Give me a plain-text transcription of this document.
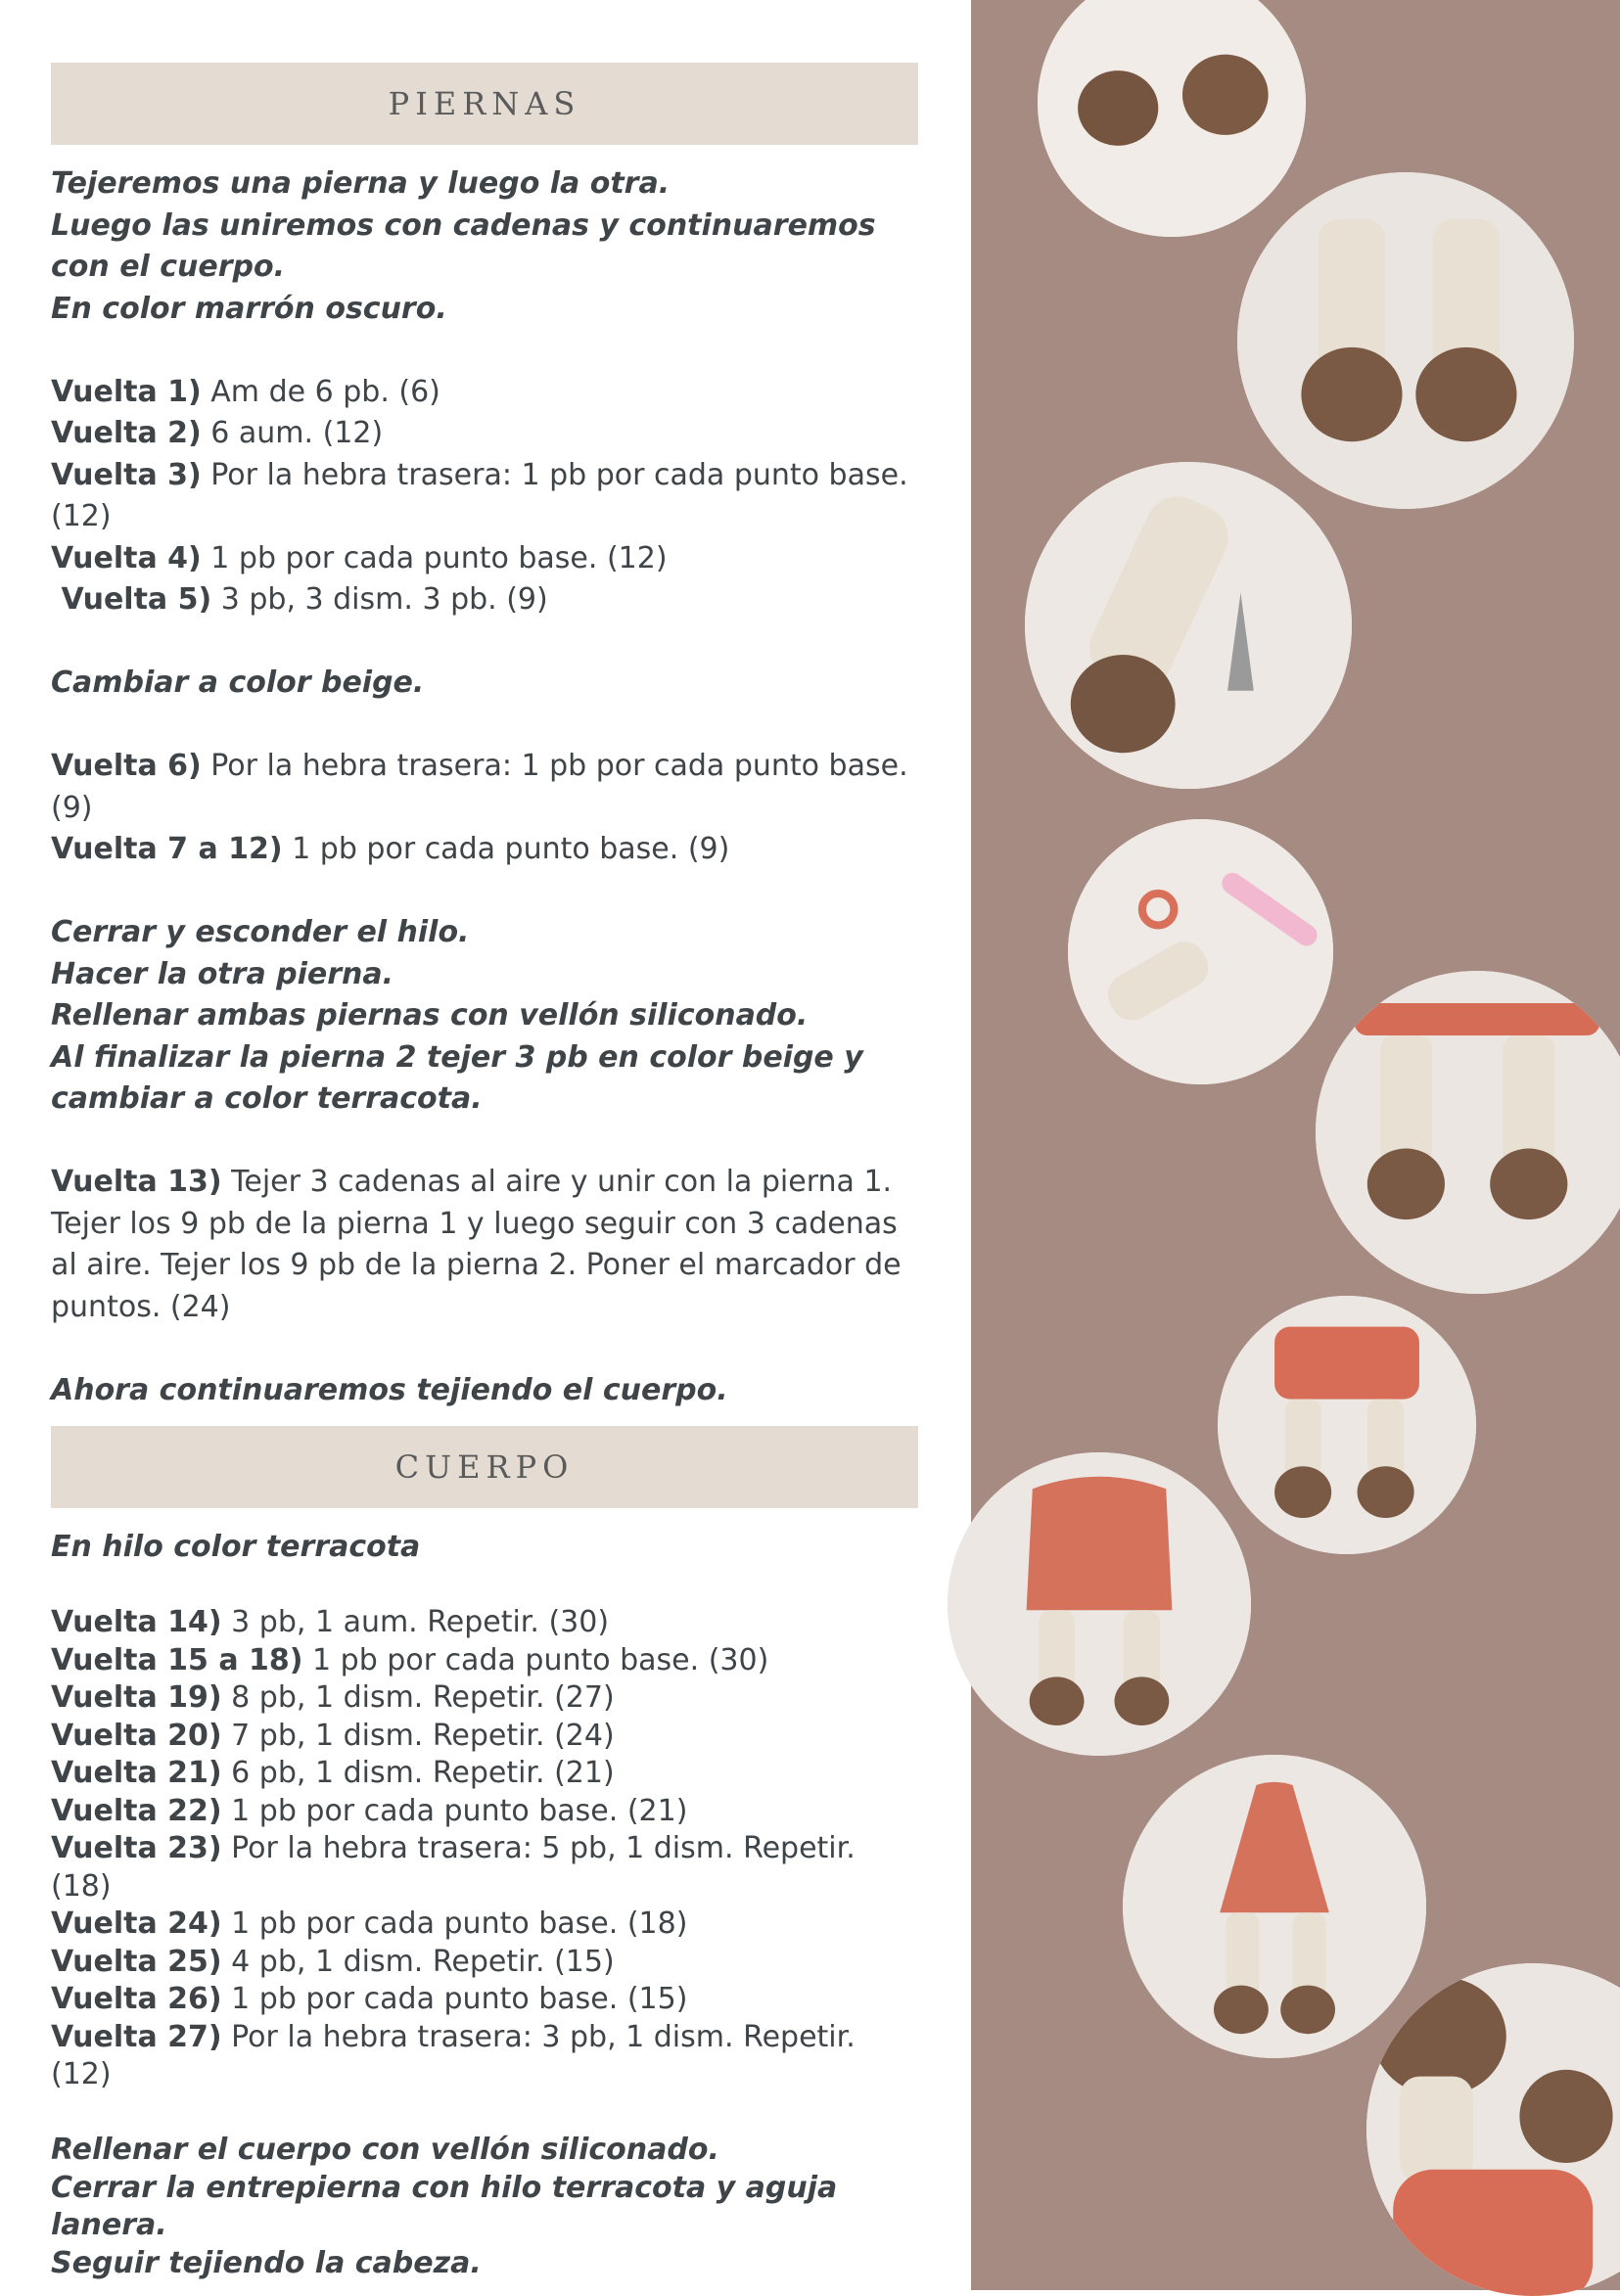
PIERNAS

Tejeremos una pierna y luego la otra.

Luego las uniremos con cadenas y continuaremos con el cuerpo.

En color marrón oscuro.

Vuelta 1) Am de 6 pb. (6)

Vuelta 2) 6 aum. (12)

Vuelta 3) Por la hebra trasera: 1 pb por cada punto base. (12)

Vuelta 4) 1 pb por cada punto base. (12)

Vuelta 5) 3 pb, 3 dism. 3 pb. (9)

Cambiar a color beige.

Vuelta 6) Por la hebra trasera: 1 pb por cada punto base. (9)

Vuelta 7 a 12) 1 pb por cada punto base. (9)

Cerrar y esconder el hilo.

Hacer la otra pierna.

Rellenar ambas piernas con vellón siliconado.

Al finalizar la pierna 2 tejer 3 pb en color beige y cambiar a color terracota.

Vuelta 13) Tejer 3 cadenas al aire y unir con la pierna 1. Tejer los 9 pb de la pierna 1 y luego seguir con 3 cadenas al aire. Tejer los 9 pb de la pierna 2. Poner el marcador de puntos. (24)

Ahora continuaremos tejiendo el cuerpo.

CUERPO

En hilo color terracota

Vuelta 14) 3 pb, 1 aum. Repetir. (30)

Vuelta 15 a 18) 1 pb por cada punto base. (30)

Vuelta 19) 8 pb, 1 dism. Repetir. (27)

Vuelta 20) 7 pb, 1 dism. Repetir. (24)

Vuelta 21) 6 pb, 1 dism. Repetir. (21)

Vuelta 22) 1 pb por cada punto base. (21)

Vuelta 23) Por la hebra trasera: 5 pb, 1 dism. Repetir. (18)

Vuelta 24) 1 pb por cada punto base. (18)

Vuelta 25) 4 pb, 1 dism. Repetir. (15)

Vuelta 26) 1 pb por cada punto base. (15)

Vuelta 27) Por la hebra trasera: 3 pb, 1 dism. Repetir. (12)

Rellenar el cuerpo con vellón siliconado.

Cerrar la entrepierna con hilo terracota y aguja lanera.

Seguir tejiendo la cabeza.
